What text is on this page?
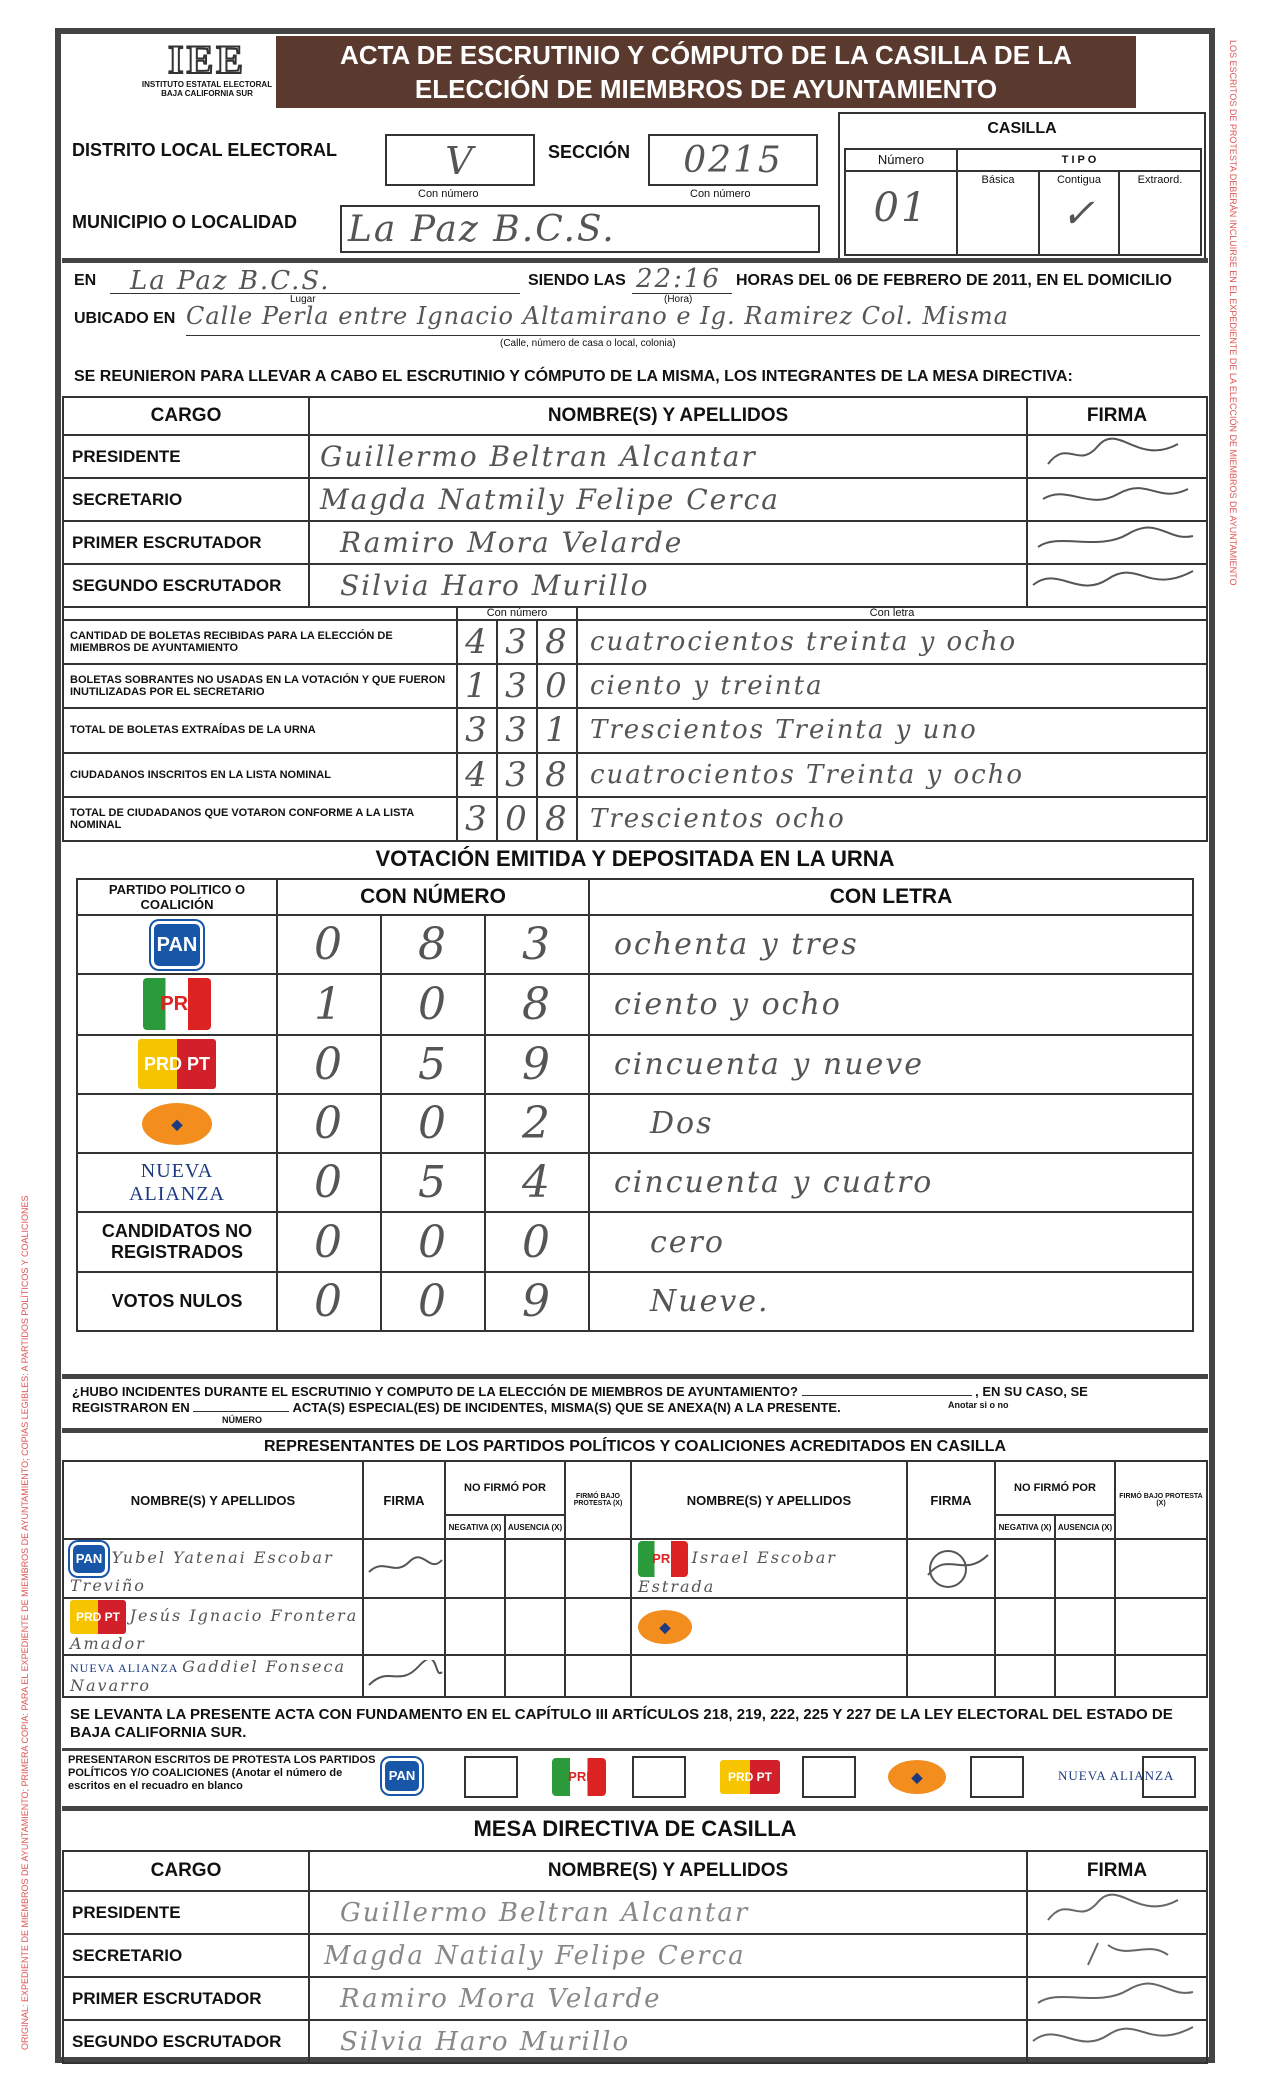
LOS ESCRITOS DE PROTESTA DEBERÁN INCLUIRSE EN EL EXPEDIENTE DE LA ELECCIÓN DE MIEMBROS DE AYUNTAMIENTO
ORIGINAL: EXPEDIENTE DE MIEMBROS DE AYUNTAMIENTO; PRIMERA COPIA: PARA EL EXPEDIENTE DE MIEMBROS DE AYUNTAMIENTO; COPIAS LEGIBLES: A PARTIDOS POLÍTICOS Y COALICIONES
IEE
INSTITUTO ESTATAL ELECTORAL
BAJA CALIFORNIA SUR
ACTA DE ESCRUTINIO Y CÓMPUTO DE LA CASILLA DE LA
ELECCIÓN DE MIEMBROS DE AYUNTAMIENTO
DISTRITO LOCAL ELECTORAL	V
Con número
SECCIÓN	0215
Con número
MUNICIPIO O LOCALIDAD La Paz B.C.S.
CASILLA
Número
01
T I P O
Básica	Contigua
✓
Extraord.
EN	La Paz B.C.S.
Lugar
SIENDO LAS 22:16
(Hora)
HORAS DEL 06 DE FEBRERO DE 2011, EN EL DOMICILIO
UBICADO EN Calle Perla entre Ignacio Altamirano e Ig. Ramirez Col. Misma
(Calle, número de casa o local, colonia)
SE REUNIERON PARA LLEVAR A CABO EL ESCRUTINIO Y CÓMPUTO DE LA MISMA, LOS INTEGRANTES DE LA MESA DIRECTIVA:
CARGO	NOMBRE(S) Y APELLIDOS	FIRMA
PRESIDENTE	Guillermo Beltran Alcantar	
SECRETARIO	Magda Natmily Felipe Cerca	
PRIMER ESCRUTADOR	Ramiro Mora Velarde	
SEGUNDO ESCRUTADOR	Silvia Haro Murillo	
	Con número			Con letra
CANTIDAD DE BOLETAS RECIBIDAS PARA LA ELECCIÓN DE MIEMBROS DE AYUNTAMIENTO	4	3	8	cuatrocientos treinta y ocho
BOLETAS SOBRANTES NO USADAS EN LA VOTACIÓN Y QUE FUERON INUTILIZADAS POR EL SECRETARIO	1	3	0	ciento y treinta
TOTAL DE BOLETAS EXTRAÍDAS DE LA URNA	3	3	1	Trescientos Treinta y uno
CIUDADANOS INSCRITOS EN LA LISTA NOMINAL	4	3	8	cuatrocientos Treinta y ocho
TOTAL DE CIUDADANOS QUE VOTARON CONFORME A LA LISTA NOMINAL	3	0	8	Trescientos ocho
VOTACIÓN EMITIDA Y DEPOSITADA EN LA URNA
PARTIDO POLITICO O COALICIÓN	CON NÚMERO			CON LETRA
PAN	0	8	3	ochenta y tres
PRI	1	0	8	ciento y ocho
PRD PT	0	5	9	cincuenta y nueve
◆	0	0	2	Dos
NUEVA
ALIANZA	0	5	4	cincuenta y cuatro
CANDIDATOS NO REGISTRADOS	0	0	0	cero
VOTOS NULOS	0	0	9	Nueve.
¿HUBO INCIDENTES DURANTE EL ESCRUTINIO Y COMPUTO DE LA ELECCIÓN DE MIEMBROS DE AYUNTAMIENTO?	, EN SU CASO, SE
REGISTRARON EN	ACTA(S) ESPECIAL(ES) DE INCIDENTES, MISMA(S) QUE SE ANEXA(N) A LA PRESENTE.
NÚMERO
Anotar si o no
REPRESENTANTES DE LOS PARTIDOS POLÍTICOS Y COALICIONES ACREDITADOS EN CASILLA
NOMBRE(S) Y APELLIDOS	FIRMA	NO FIRMÓ POR		FIRMÓ BAJO PROTESTA (X)	NOMBRE(S) Y APELLIDOS	FIRMA	NO FIRMÓ POR		FIRMÓ BAJO PROTESTA (X)
		NEGATIVA (X)	AUSENCIA (X)				NEGATIVA (X)	AUSENCIA (X)	
PAN Yubel Yatenai Escobar Treviño					PRI Israel Escobar Estrada				
PRD PT Jesús Ignacio Frontera Amador					◆				
NUEVA ALIANZA Gaddiel Fonseca Navarro									
SE LEVANTA LA PRESENTE ACTA CON FUNDAMENTO EN EL CAPÍTULO III ARTÍCULOS 218, 219, 222, 225 Y 227 DE LA LEY ELECTORAL DEL ESTADO DE BAJA CALIFORNIA SUR.
PRESENTARON ESCRITOS DE PROTESTA LOS PARTIDOS POLÍTICOS Y/O COALICIONES (Anotar el número de escritos en el recuadro en blanco
PAN	PRI	PRD PT	◆	NUEVA ALIANZA
MESA DIRECTIVA DE CASILLA
CARGO	NOMBRE(S) Y APELLIDOS	FIRMA
PRESIDENTE	Guillermo Beltran Alcantar	
SECRETARIO	Magda Natialy Felipe Cerca	
PRIMER ESCRUTADOR	Ramiro Mora Velarde	
SEGUNDO ESCRUTADOR	Silvia Haro Murillo	
